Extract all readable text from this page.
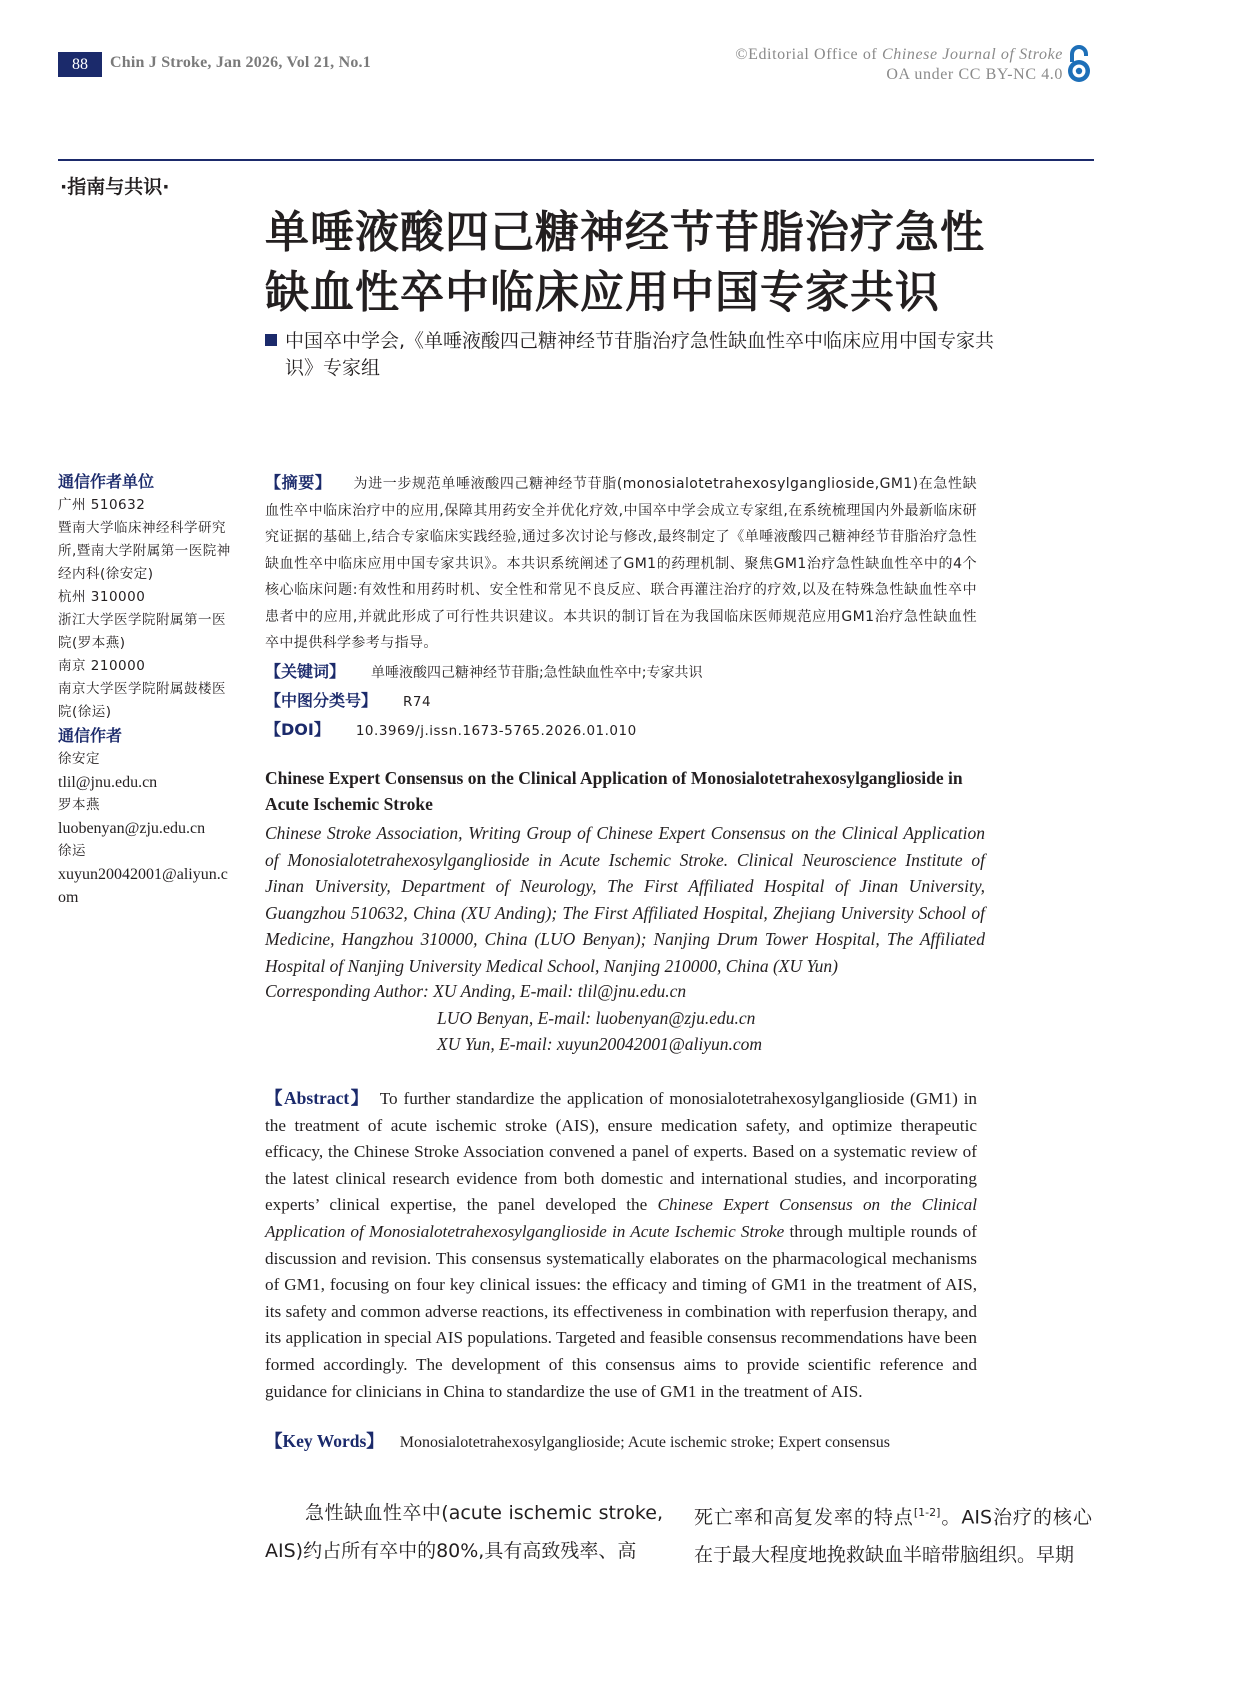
88	Chin J Stroke, Jan 2026, Vol 21, No.1	©Editorial Office of Chinese Journal of Stroke
OA under CC BY-NC 4.0
·指南与共识·
单唾液酸四己糖神经节苷脂治疗急性
缺血性卒中临床应用中国专家共识
中国卒中学会,《单唾液酸四己糖神经节苷脂治疗急性缺血性卒中临床应用中国专家共识》专家组
通信作者单位
广州 510632
暨南大学临床神经科学研究所,暨南大学附属第一医院神经内科(徐安定)
杭州 310000
浙江大学医学院附属第一医院(罗本燕)
南京 210000
南京大学医学院附属鼓楼医院(徐运)
通信作者
徐安定
tlil@jnu.edu.cn
罗本燕
luobenyan@zju.edu.cn
徐运
xuyun20042001@aliyun.com
【摘要】 为进一步规范单唾液酸四己糖神经节苷脂(monosialotetrahexosylganglioside,GM1)在急性缺血性卒中临床治疗中的应用,保障其用药安全并优化疗效,中国卒中学会成立专家组,在系统梳理国内外最新临床研究证据的基础上,结合专家临床实践经验,通过多次讨论与修改,最终制定了《单唾液酸四己糖神经节苷脂治疗急性缺血性卒中临床应用中国专家共识》。本共识系统阐述了GM1的药理机制、聚焦GM1治疗急性缺血性卒中的4个核心临床问题:有效性和用药时机、安全性和常见不良反应、联合再灌注治疗的疗效,以及在特殊急性缺血性卒中患者中的应用,并就此形成了可行性共识建议。本共识的制订旨在为我国临床医师规范应用GM1治疗急性缺血性卒中提供科学参考与指导。
【关键词】 单唾液酸四己糖神经节苷脂;急性缺血性卒中;专家共识
【中图分类号】 R74
【DOI】 10.3969/j.issn.1673-5765.2026.01.010
Chinese Expert Consensus on the Clinical Application of Monosialotetrahexosylganglioside in Acute Ischemic Stroke
Chinese Stroke Association, Writing Group of Chinese Expert Consensus on the Clinical Application of Monosialotetrahexosylganglioside in Acute Ischemic Stroke. Clinical Neuroscience Institute of Jinan University, Department of Neurology, The First Affiliated Hospital of Jinan University, Guangzhou 510632, China (XU Anding); The First Affiliated Hospital, Zhejiang University School of Medicine, Hangzhou 310000, China (LUO Benyan); Nanjing Drum Tower Hospital, The Affiliated Hospital of Nanjing University Medical School, Nanjing 210000, China (XU Yun)
Corresponding Author: XU Anding, E-mail: tlil@jnu.edu.cn
LUO Benyan, E-mail: luobenyan@zju.edu.cn
XU Yun, E-mail: xuyun20042001@aliyun.com
【Abstract】 To further standardize the application of monosialotetrahexosylganglioside (GM1) in the treatment of acute ischemic stroke (AIS), ensure medication safety, and optimize therapeutic efficacy, the Chinese Stroke Association convened a panel of experts. Based on a systematic review of the latest clinical research evidence from both domestic and international studies, and incorporating experts’ clinical expertise, the panel developed the Chinese Expert Consensus on the Clinical Application of Monosialotetrahexosylganglioside in Acute Ischemic Stroke through multiple rounds of discussion and revision. This consensus systematically elaborates on the pharmacological mechanisms of GM1, focusing on four key clinical issues: the efficacy and timing of GM1 in the treatment of AIS, its safety and common adverse reactions, its effectiveness in combination with reperfusion therapy, and its application in special AIS populations. Targeted and feasible consensus recommendations have been formed accordingly. The development of this consensus aims to provide scientific reference and guidance for clinicians in China to standardize the use of GM1 in the treatment of AIS.
【Key Words】 Monosialotetrahexosylganglioside; Acute ischemic stroke; Expert consensus
急性缺血性卒中(acute ischemic stroke, AIS)约占所有卒中的80%,具有高致残率、高
死亡率和高复发率的特点[1-2]。AIS治疗的核心在于最大程度地挽救缺血半暗带脑组织。早期
